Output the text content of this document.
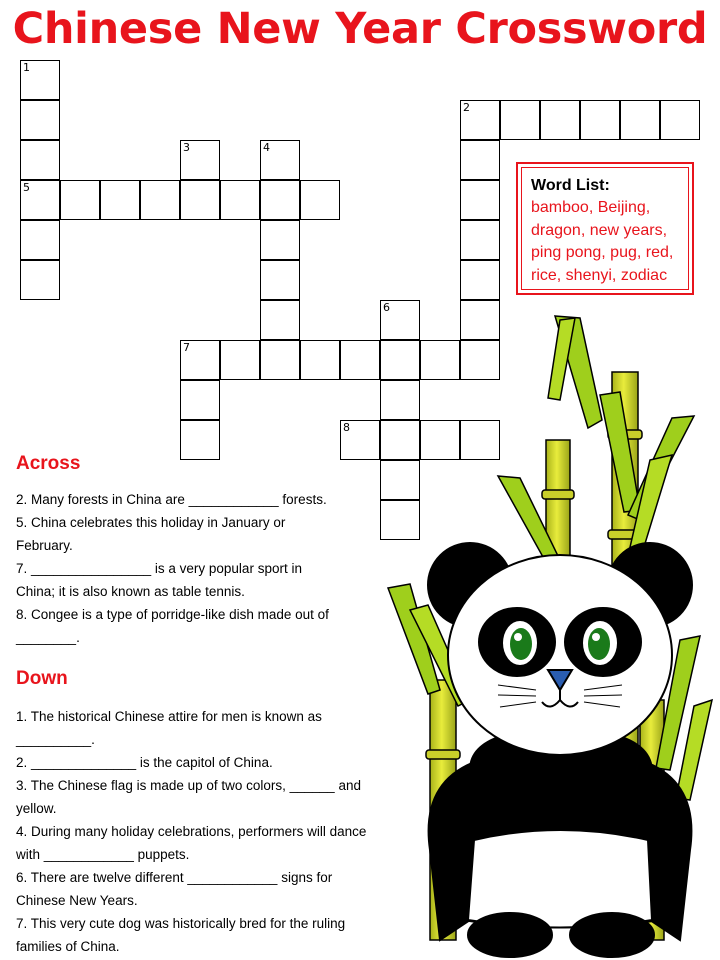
Chinese New Year Crossword
1
5
2
3	4
6
7
8
Word List:
bamboo, Beijing, dragon, new years, ping pong, pug, red, rice, shenyi, zodiac
Across
2. Many forests in China are ____________ forests.
5. China celebrates this holiday in January or
February.
7. ________________ is a very popular sport in
China; it is also known as table tennis.
8. Congee is a type of porridge-like dish made out of
________.
Down
1. The historical Chinese attire for men is known as
__________.
2. ______________ is the capitol of China.
3. The Chinese flag is made up of two colors, ______ and
yellow.
4. During many holiday celebrations, performers will dance
with ____________ puppets.
6. There are twelve different ____________ signs for
Chinese New Years.
7. This very cute dog was historically bred for the ruling
families of China.
